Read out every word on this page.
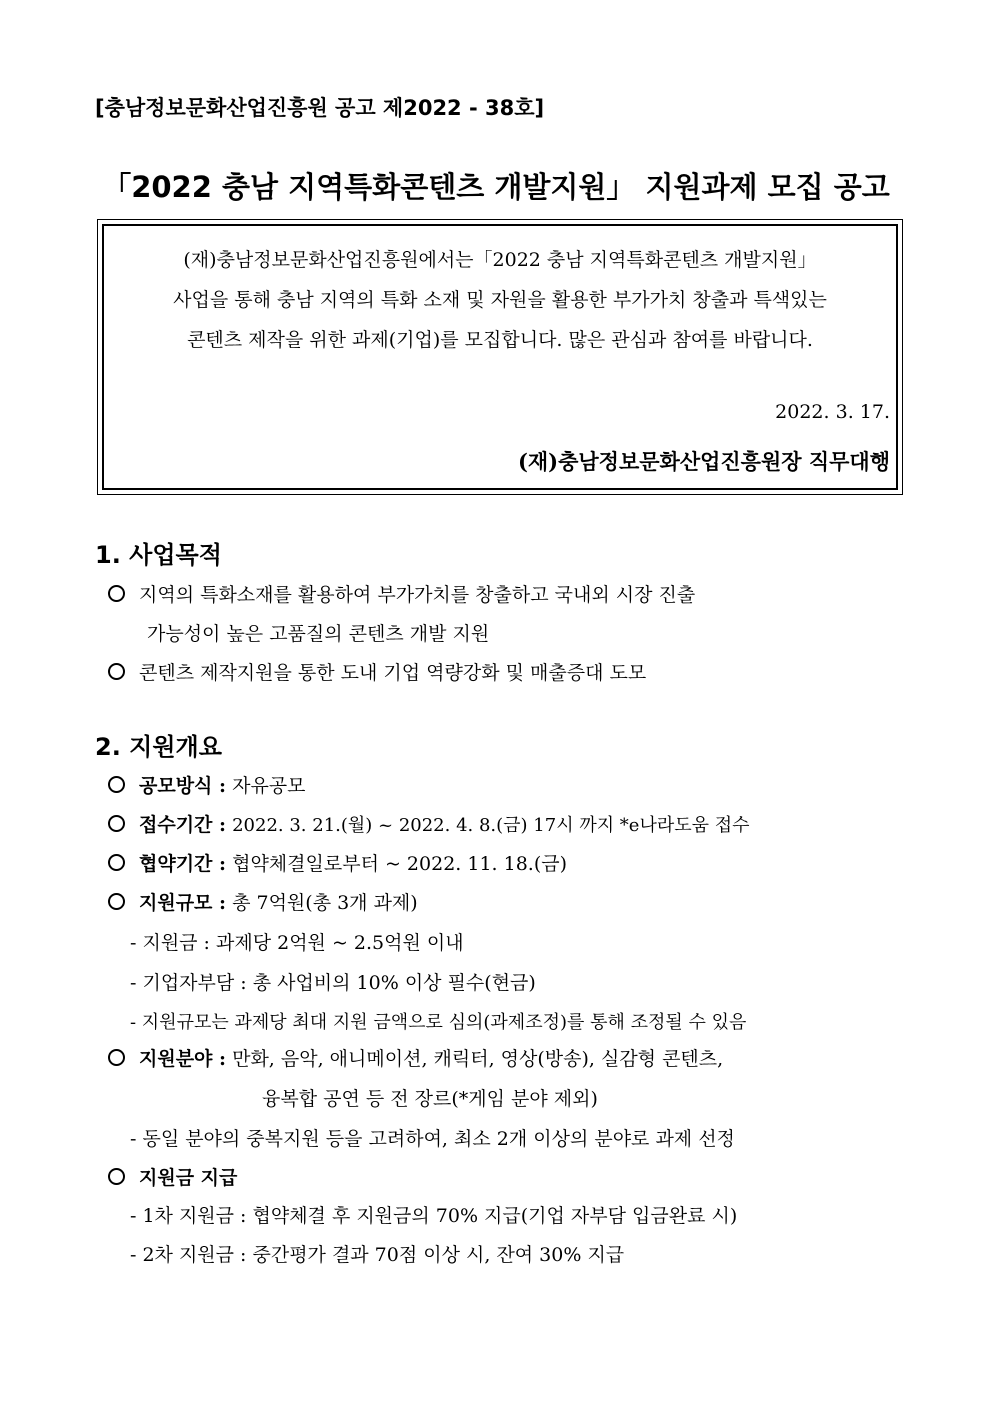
[충남정보문화산업진흥원 공고 제2022 - 38호]
「2022 충남 지역특화콘텐츠 개발지원」 지원과제 모집 공고
(재)충남정보문화산업진흥원에서는「2022 충남 지역특화콘텐츠 개발지원」
사업을 통해 충남 지역의 특화 소재 및 자원을 활용한 부가가치 창출과 특색있는
콘텐츠 제작을 위한 과제(기업)를 모집합니다. 많은 관심과 참여를 바랍니다.
2022. 3. 17.
(재)충남정보문화산업진흥원장 직무대행
1. 사업목적
지역의 특화소재를 활용하여 부가가치를 창출하고 국내외 시장 진출
가능성이 높은 고품질의 콘텐츠 개발 지원
콘텐츠 제작지원을 통한 도내 기업 역량강화 및 매출증대 도모
2. 지원개요
공모방식 : 자유공모
접수기간 : 2022. 3. 21.(월) ~ 2022. 4. 8.(금) 17시 까지 *e나라도움 접수
협약기간 : 협약체결일로부터 ~ 2022. 11. 18.(금)
지원규모 : 총 7억원(총 3개 과제)
- 지원금 : 과제당 2억원 ~ 2.5억원 이내
- 기업자부담 : 총 사업비의 10% 이상 필수(현금)
- 지원규모는 과제당 최대 지원 금액으로 심의(과제조정)를 통해 조정될 수 있음
지원분야 : 만화, 음악, 애니메이션, 캐릭터, 영상(방송), 실감형 콘텐츠,
융복합 공연 등 전 장르(*게임 분야 제외)
- 동일 분야의 중복지원 등을 고려하여, 최소 2개 이상의 분야로 과제 선정
지원금 지급
- 1차 지원금 : 협약체결 후 지원금의 70% 지급(기업 자부담 입금완료 시)
- 2차 지원금 : 중간평가 결과 70점 이상 시, 잔여 30% 지급
